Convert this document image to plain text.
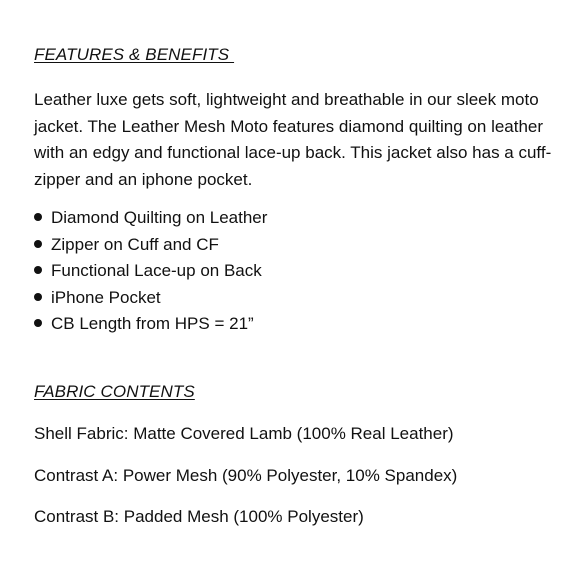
FEATURES & BENEFITS

Leather luxe gets soft, lightweight and breathable in our sleek moto jacket. The Leather Mesh Moto features diamond quilting on leather with an edgy and functional lace-up back. This jacket also has a cuff-zipper and an iphone pocket.

Diamond Quilting on Leather
Zipper on Cuff and CF
Functional Lace-up on Back
iPhone Pocket
CB Length from HPS = 21”
FABRIC CONTENTS
Shell Fabric: Matte Covered Lamb (100% Real Leather)
Contrast A: Power Mesh (90% Polyester, 10% Spandex)
Contrast B: Padded Mesh (100% Polyester)
